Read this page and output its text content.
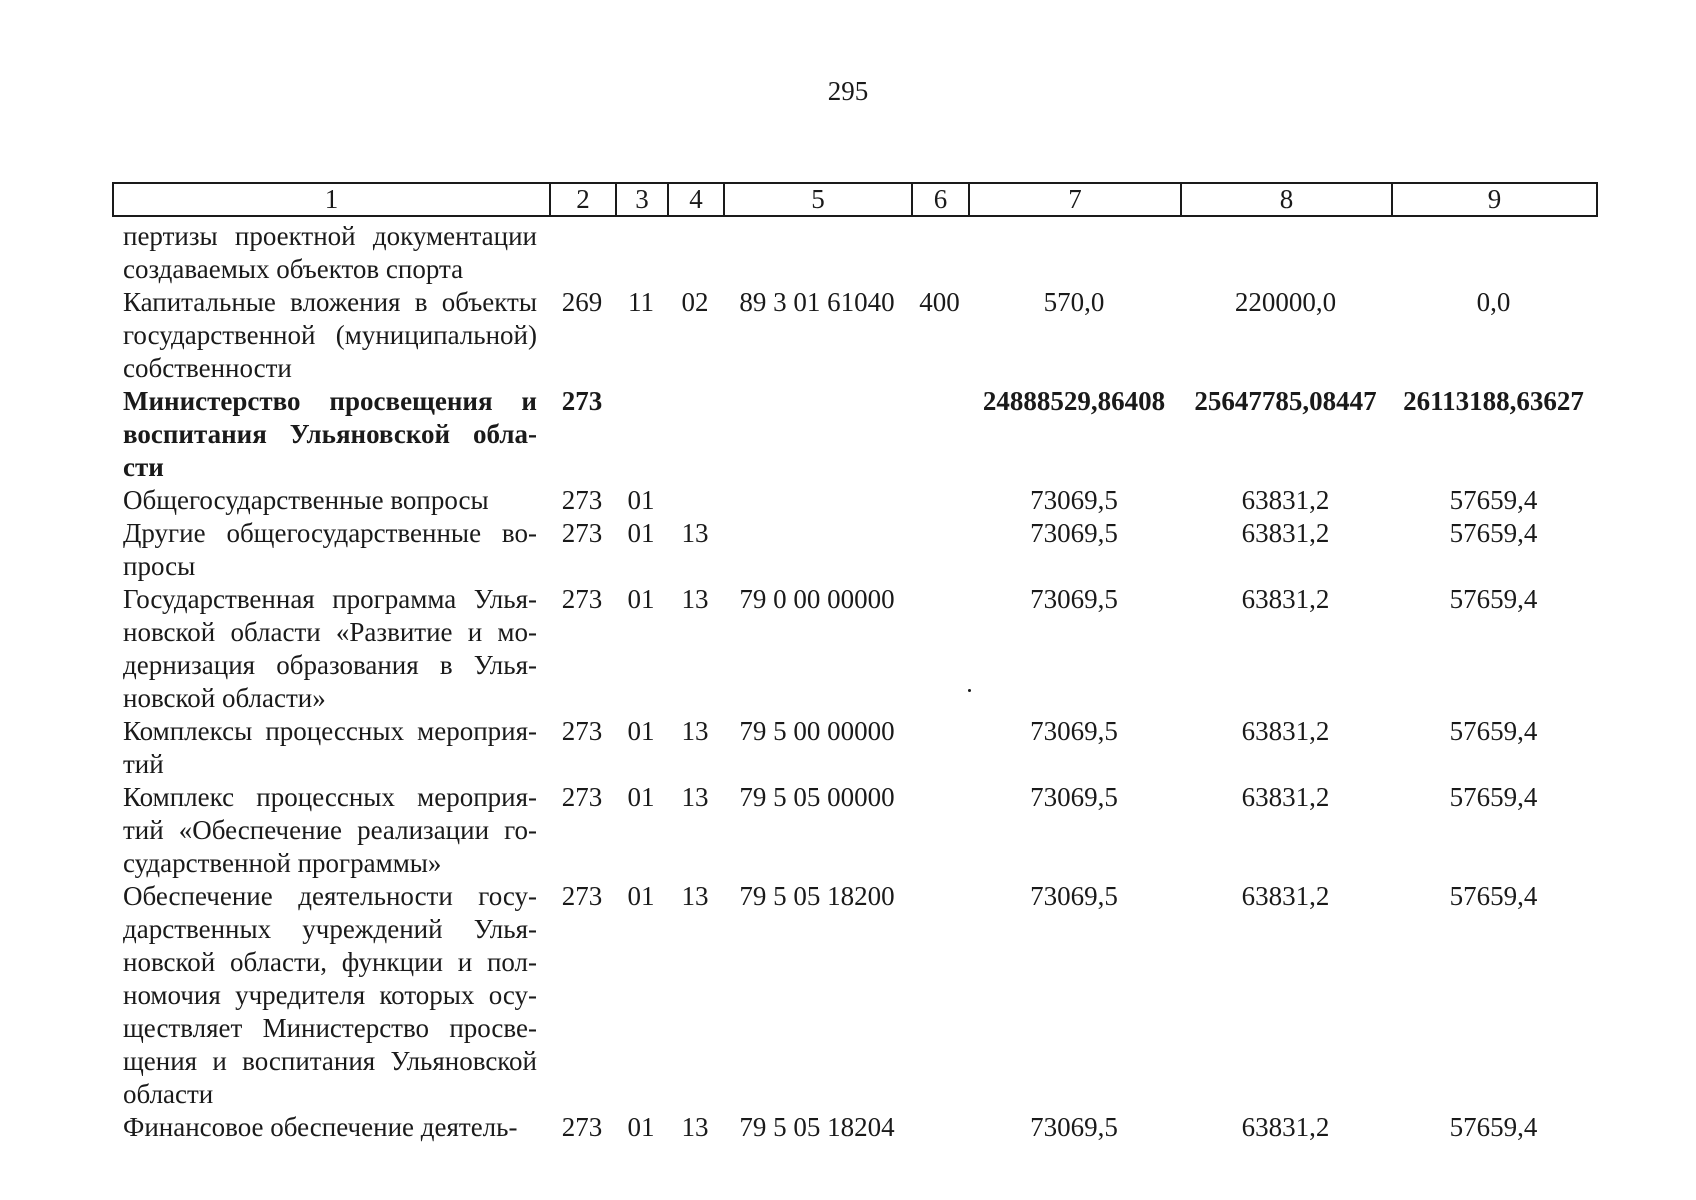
295
1	2	3	4	5	6	7	8	9
пертизы проектной документации создаваемых объектов спорта								
Капитальные вложения в объекты государственной (муниципальной) собственности	269	11	02	89 3 01 61040	400	570,0	220000,0	0,0
Министерство просвещения и воспитания Ульяновской обла-сти	273					24888529,86408	25647785,08447	26113188,63627
Общегосударственные вопросы	273	01				73069,5	63831,2	57659,4
Другие общегосударственные во-просы	273	01	13			73069,5	63831,2	57659,4
Государственная программа Улья-новской области «Развитие и мо-дернизация образования в Улья-новской области»	273	01	13	79 0 00 00000		73069,5	63831,2	57659,4
Комплексы процессных мероприя-тий	273	01	13	79 5 00 00000		73069,5	63831,2	57659,4
Комплекс процессных мероприя-тий «Обеспечение реализации го-сударственной программы»	273	01	13	79 5 05 00000		73069,5	63831,2	57659,4
Обеспечение деятельности госу-дарственных учреждений Улья-новской области, функции и пол-номочия учредителя которых осу-ществляет Министерство просве-щения и воспитания Ульяновской области	273	01	13	79 5 05 18200		73069,5	63831,2	57659,4
Финансовое обеспечение деятель-	273	01	13	79 5 05 18204		73069,5	63831,2	57659,4
